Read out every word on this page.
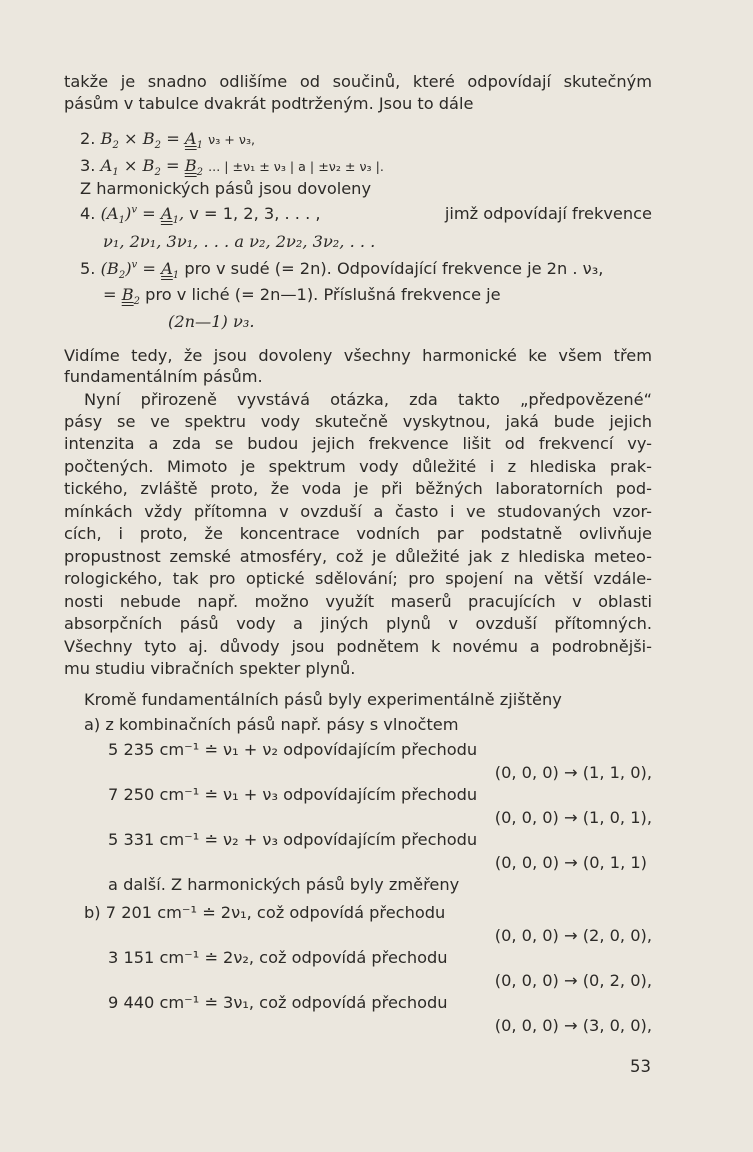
takže je snadno odlišíme od součinů, které odpovídají skutečným

pásům v tabulce dvakrát podtrženým. Jsou to dále

2. $B_2 \times B_2 = A_1$ ν₃ + ν₃,

3. $A_1 \times B_2 = B_2$ ... | ±ν₁ ± ν₃ | a | ±ν₂ ± ν₃ |.

Z harmonických pásů jsou dovoleny

4. $(A_1)^v = A_1$, v = 1, 2, 3, . . . ,	jimž odpovídají frekvence

ν₁, 2ν₁, 3ν₁, . . . a ν₂, 2ν₂, 3ν₂, . . .

5. $(B_2)^v = A_1$ pro v sudé (= 2n). Odpovídající frekvence je 2n . ν₃,

= $B_2$ pro v liché (= 2n—1). Příslušná frekvence je

(2n—1) ν₃.

Vidíme tedy, že jsou dovoleny všechny harmonické ke všem třem

fundamentálním pásům.

Nyní přirozeně vyvstává otázka, zda takto „předpovězené“

pásy se ve spektru vody skutečně vyskytnou, jaká bude jejich

intenzita a zda se budou jejich frekvence lišit od frekvencí vy-

počtených. Mimoto je spektrum vody důležité i z hlediska prak-

tického, zvláště proto, že voda je při běžných laboratorních pod-

mínkách vždy přítomna v ovzduší a často i ve studovaných vzor-

cích, i proto, že koncentrace vodních par podstatně ovlivňuje

propustnost zemské atmosféry, což je důležité jak z hlediska meteo-

rologického, tak pro optické sdělování; pro spojení na větší vzdále-

nosti nebude např. možno využít maserů pracujících v oblasti

absorpčních pásů vody a jiných plynů v ovzduší přítomných.

Všechny tyto aj. důvody jsou podnětem k novému a podrobnějši-

mu studiu vibračních spekter plynů.

Kromě fundamentálních pásů byly experimentálně zjištěny

a) z kombinačních pásů např. pásy s vlnočtem

5 235 cm⁻¹ ≐ ν₁ + ν₂ odpovídajícím přechodu

(0, 0, 0) → (1, 1, 0),

7 250 cm⁻¹ ≐ ν₁ + ν₃ odpovídajícím přechodu

(0, 0, 0) → (1, 0, 1),

5 331 cm⁻¹ ≐ ν₂ + ν₃ odpovídajícím přechodu

(0, 0, 0) → (0, 1, 1)

a další. Z harmonických pásů byly změřeny

b) 7 201 cm⁻¹ ≐ 2ν₁, což odpovídá přechodu

(0, 0, 0) → (2, 0, 0),

3 151 cm⁻¹ ≐ 2ν₂, což odpovídá přechodu

(0, 0, 0) → (0, 2, 0),

9 440 cm⁻¹ ≐ 3ν₁, což odpovídá přechodu

(0, 0, 0) → (3, 0, 0),

53
